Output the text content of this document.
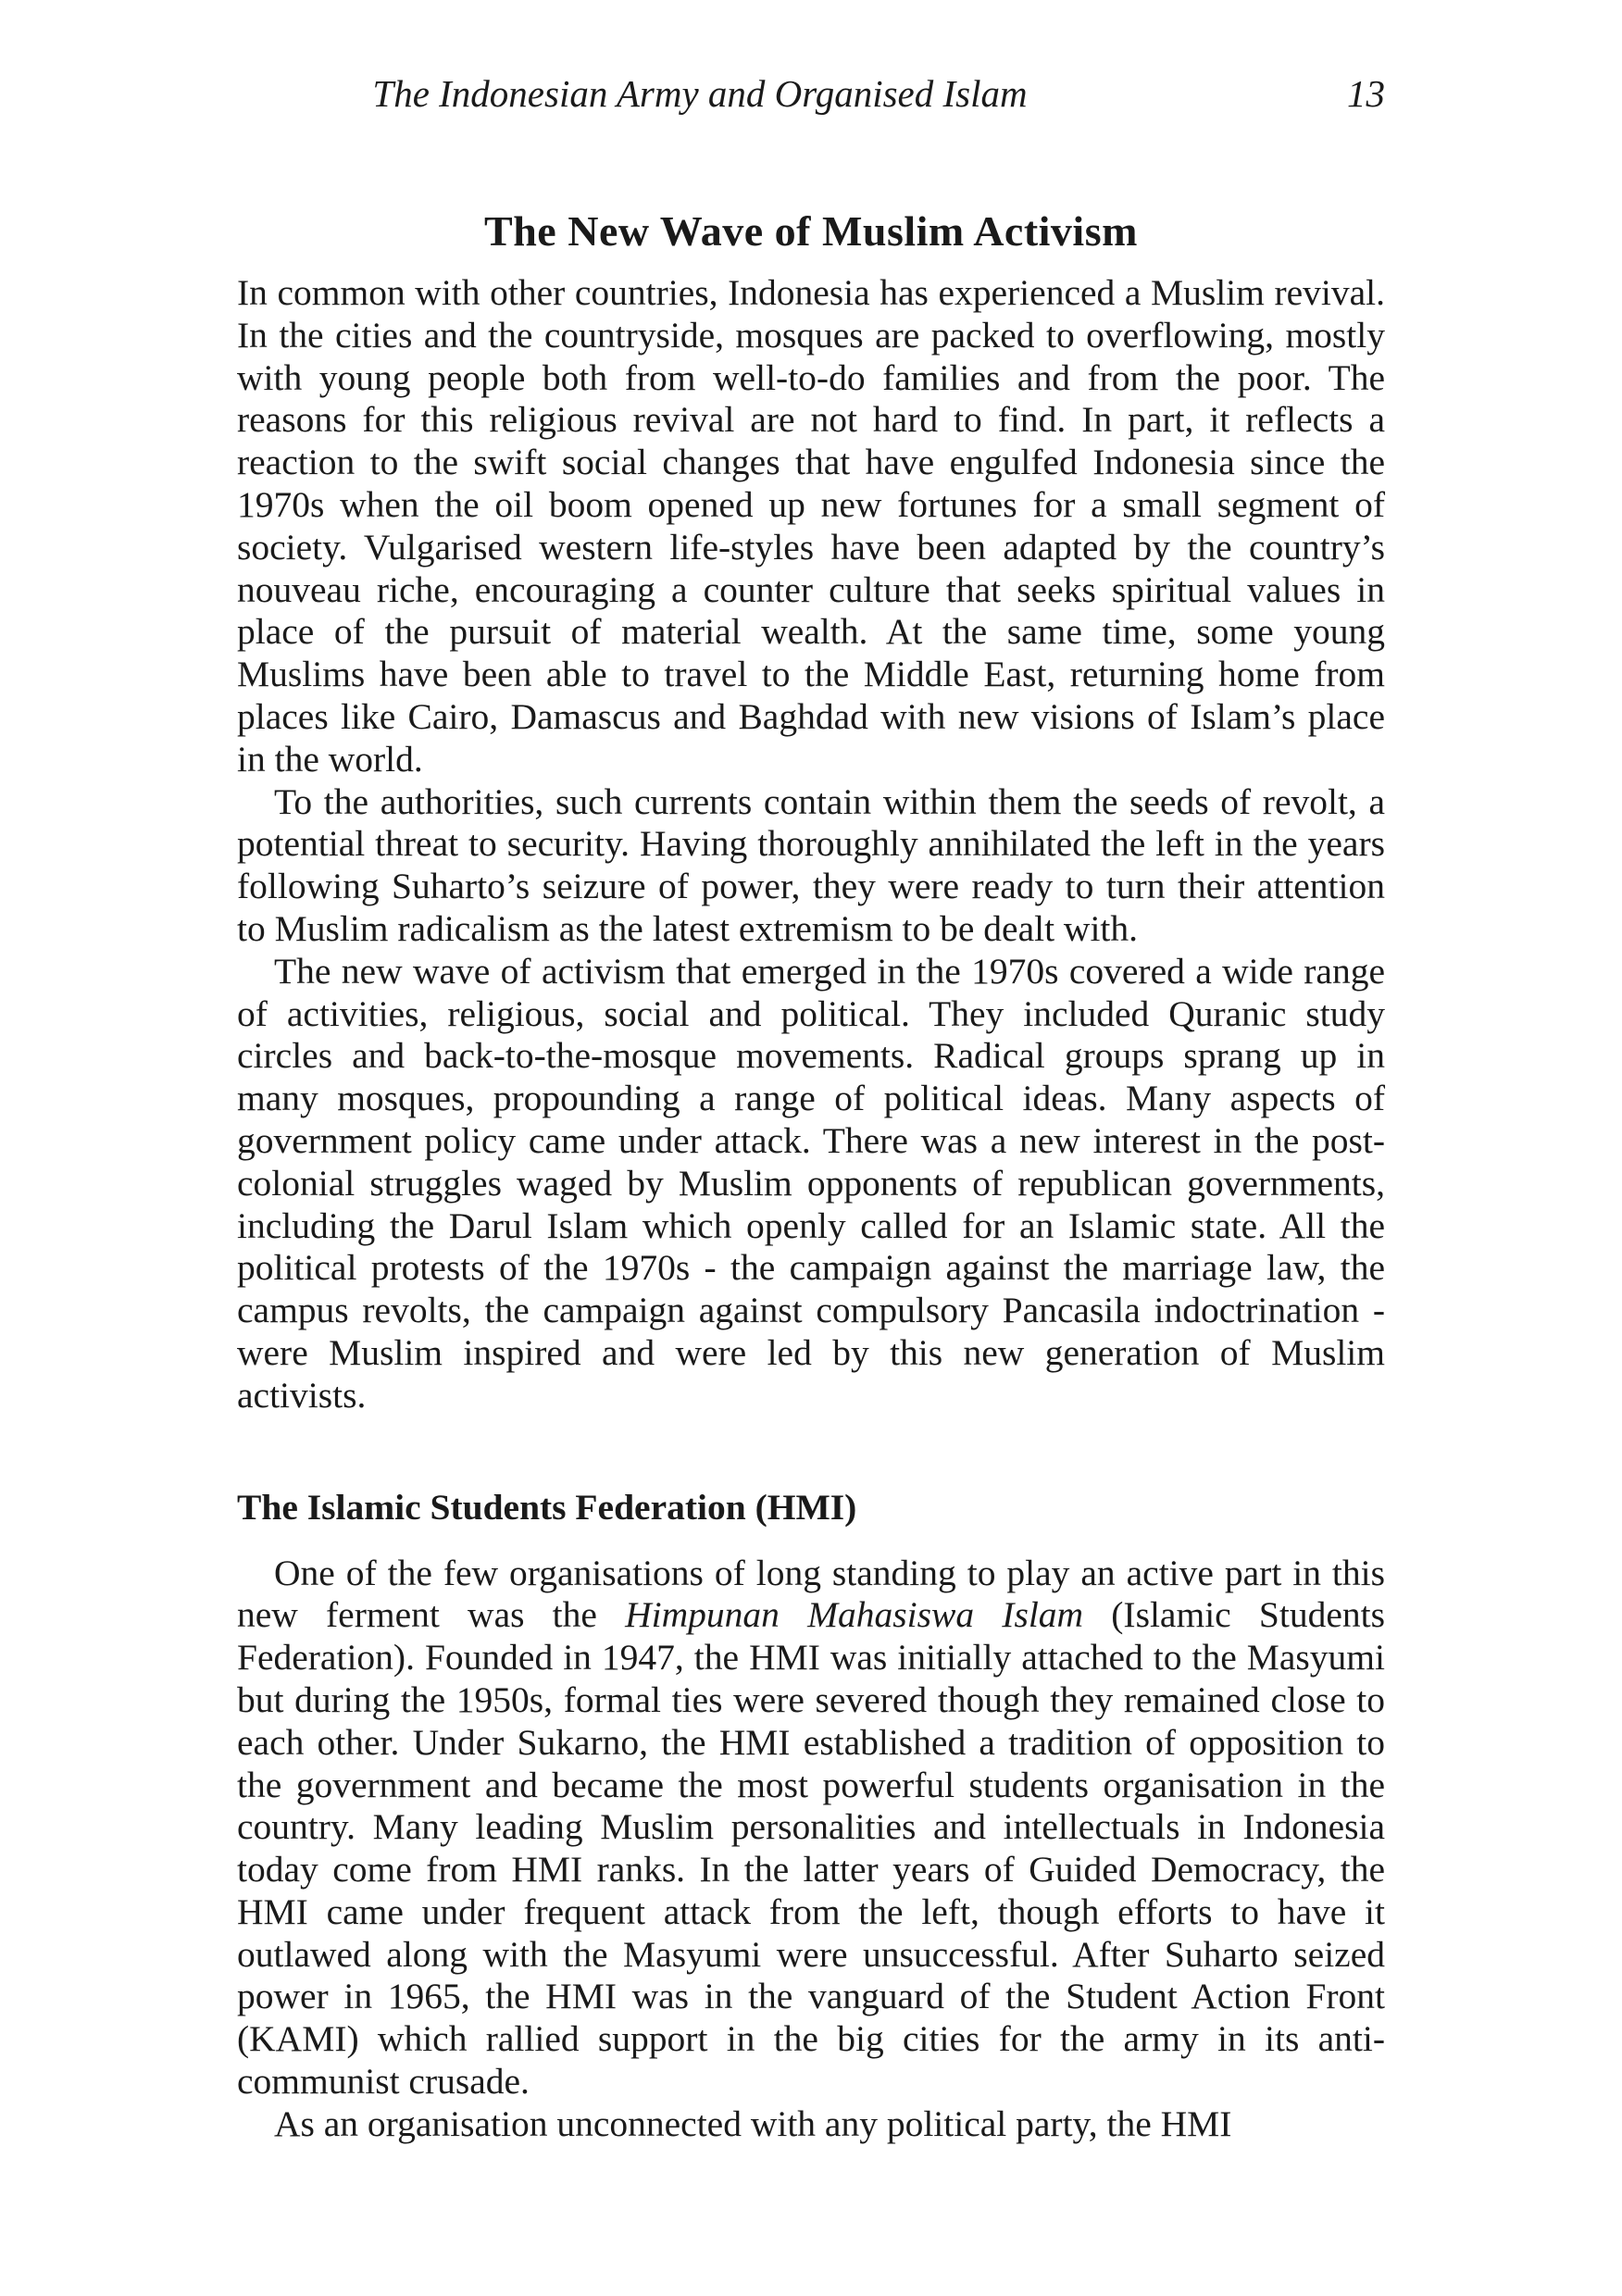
The Indonesian Army and Organised Islam	13
The New Wave of Muslim Activism

In common with other countries, Indonesia has experienced a Muslim revival. In the cities and the countryside, mosques are packed to overflowing, mostly with young people both from well-to-do families and from the poor. The reasons for this religious revival are not hard to find. In part, it reflects a reaction to the swift social changes that have engulfed Indonesia since the 1970s when the oil boom opened up new fortunes for a small segment of society. Vulgarised western life-styles have been adapted by the country’s nouveau riche, encouraging a counter culture that seeks spiritual values in place of the pursuit of material wealth. At the same time, some young Muslims have been able to travel to the Middle East, returning home from places like Cairo, Damascus and Baghdad with new visions of Islam’s place in the world.

To the authorities, such currents contain within them the seeds of revolt, a potential threat to security. Having thoroughly annihilated the left in the years following Suharto’s seizure of power, they were ready to turn their attention to Muslim radicalism as the latest extremism to be dealt with.

The new wave of activism that emerged in the 1970s covered a wide range of activities, religious, social and political. They included Quranic study circles and back-to-the-mosque movements. Radical groups sprang up in many mosques, propounding a range of political ideas. Many aspects of government policy came under attack. There was a new interest in the post-colonial struggles waged by Muslim opponents of republican governments, including the Darul Islam which openly called for an Islamic state. All the political protests of the 1970s - the campaign against the marriage law, the campus revolts, the campaign against compulsory Pancasila indoctrination - were Muslim inspired and were led by this new generation of Muslim activists.

The Islamic Students Federation (HMI)

One of the few organisations of long standing to play an active part in this new ferment was the Himpunan Mahasiswa Islam (Islamic Students Federation). Founded in 1947, the HMI was initially attached to the Masyumi but during the 1950s, formal ties were severed though they remained close to each other. Under Sukarno, the HMI established a tradition of opposition to the government and became the most powerful students organisation in the country. Many leading Muslim personalities and intellectuals in Indonesia today come from HMI ranks. In the latter years of Guided Democracy, the HMI came under frequent attack from the left, though efforts to have it outlawed along with the Masyumi were unsuccessful. After Suharto seized power in 1965, the HMI was in the vanguard of the Student Action Front (KAMI) which rallied support in the big cities for the army in its anti-communist crusade.

As an organisation unconnected with any political party, the HMI
